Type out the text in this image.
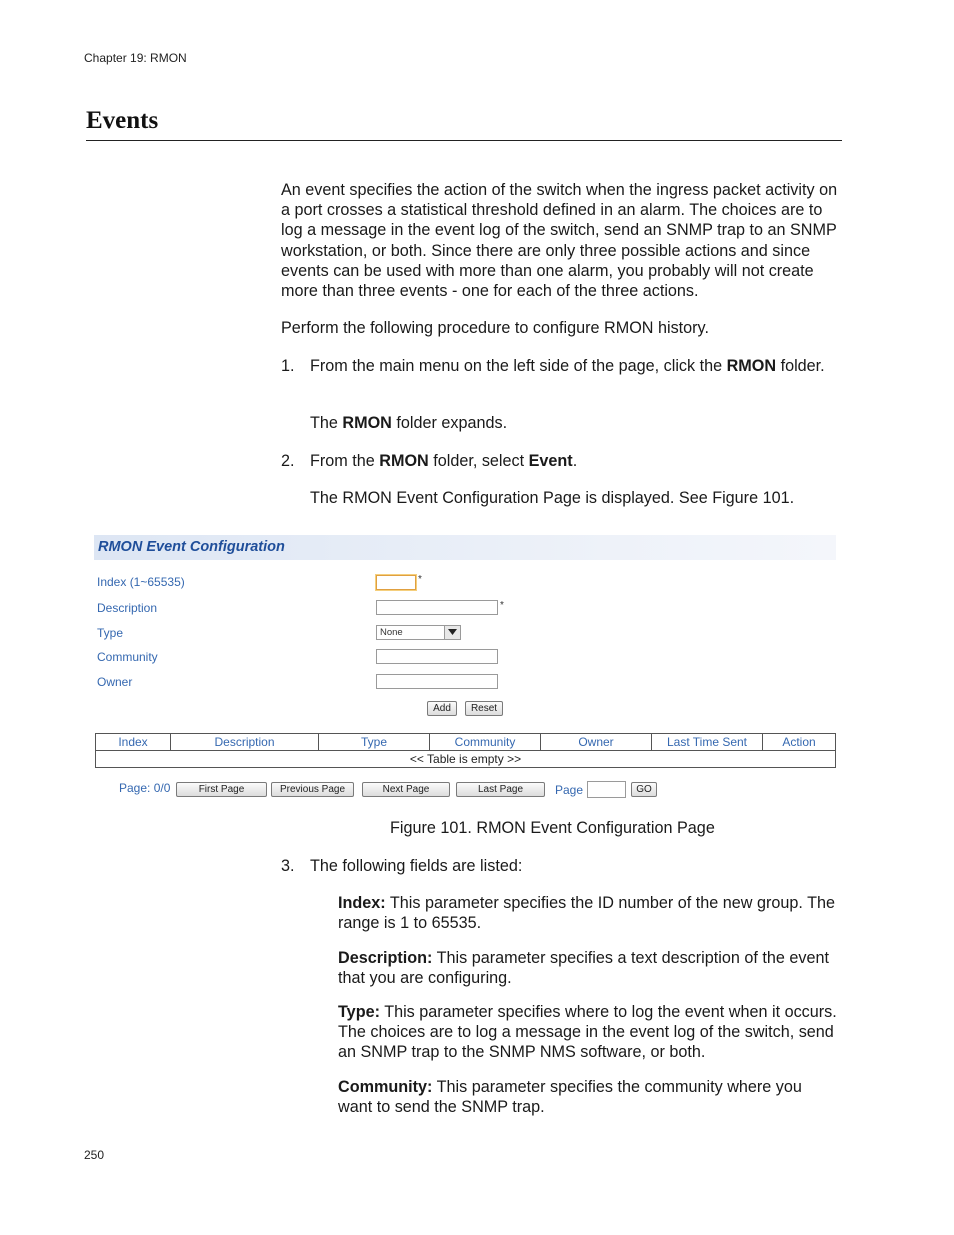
Chapter 19: RMON
Events
An event specifies the action of the switch when the ingress packet activity on a port crosses a statistical threshold defined in an alarm. The choices are to log a message in the event log of the switch, send an SNMP trap to an SNMP workstation, or both. Since there are only three possible actions and since events can be used with more than one alarm, you probably will not create more than three events - one for each of the three actions.
Perform the following procedure to configure RMON history.
1. From the main menu on the left side of the page, click the RMON folder.
The RMON folder expands.
2. From the RMON folder, select Event.
The RMON Event Configuration Page is displayed. See Figure 101.
RMON Event Configuration
Index (1~65535)	*
Description	*
Type	None
Community
Owner
Add	Reset
Index	Description	Type	Community	Owner	Last Time Sent	Action
<< Table is empty >>
Page: 0/0	First Page	Previous Page	Next Page	Last Page	Page	GO
Figure 101. RMON Event Configuration Page
3. The following fields are listed:
Index: This parameter specifies the ID number of the new group. The range is 1 to 65535.
Description: This parameter specifies a text description of the event that you are configuring.
Type: This parameter specifies where to log the event when it occurs. The choices are to log a message in the event log of the switch, send an SNMP trap to the SNMP NMS software, or both.
Community: This parameter specifies the community where you want to send the SNMP trap.
250
